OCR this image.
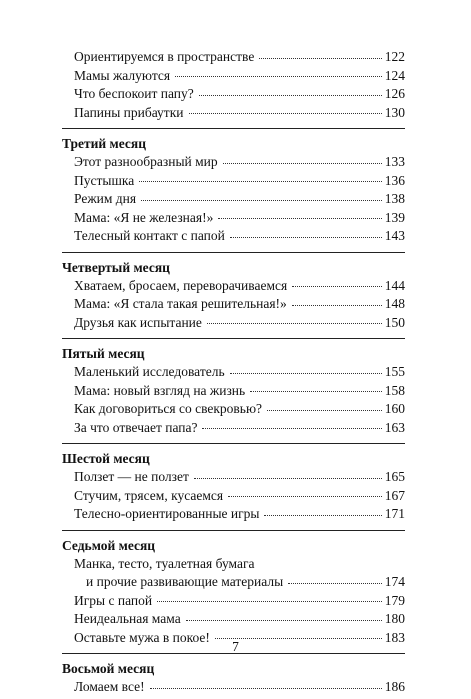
Ориентируемся в пространстве	122
Мамы жалуются	124
Что беспокоит папу?	126
Папины прибаутки	130
Третий месяц
Этот разнообразный мир	133
Пустышка	136
Режим дня	138
Мама: «Я не железная!»	139
Телесный контакт с папой	143
Четвертый месяц
Хватаем, бросаем, переворачиваемся	144
Мама: «Я стала такая решительная!»	148
Друзья как испытание	150
Пятый месяц
Маленький исследователь	155
Мама: новый взгляд на жизнь	158
Как договориться со свекровью?	160
За что отвечает папа?	163
Шестой месяц
Ползет — не ползет	165
Стучим, трясем, кусаемся	167
Телесно-ориентированные игры	171
Седьмой месяц
Манка, тесто, туалетная бумага
и прочие развивающие материалы	174
Игры с папой	179
Неидеальная мама	180
Оставьте мужа в покое!	183
Восьмой месяц
Ломаем все!	186
7
